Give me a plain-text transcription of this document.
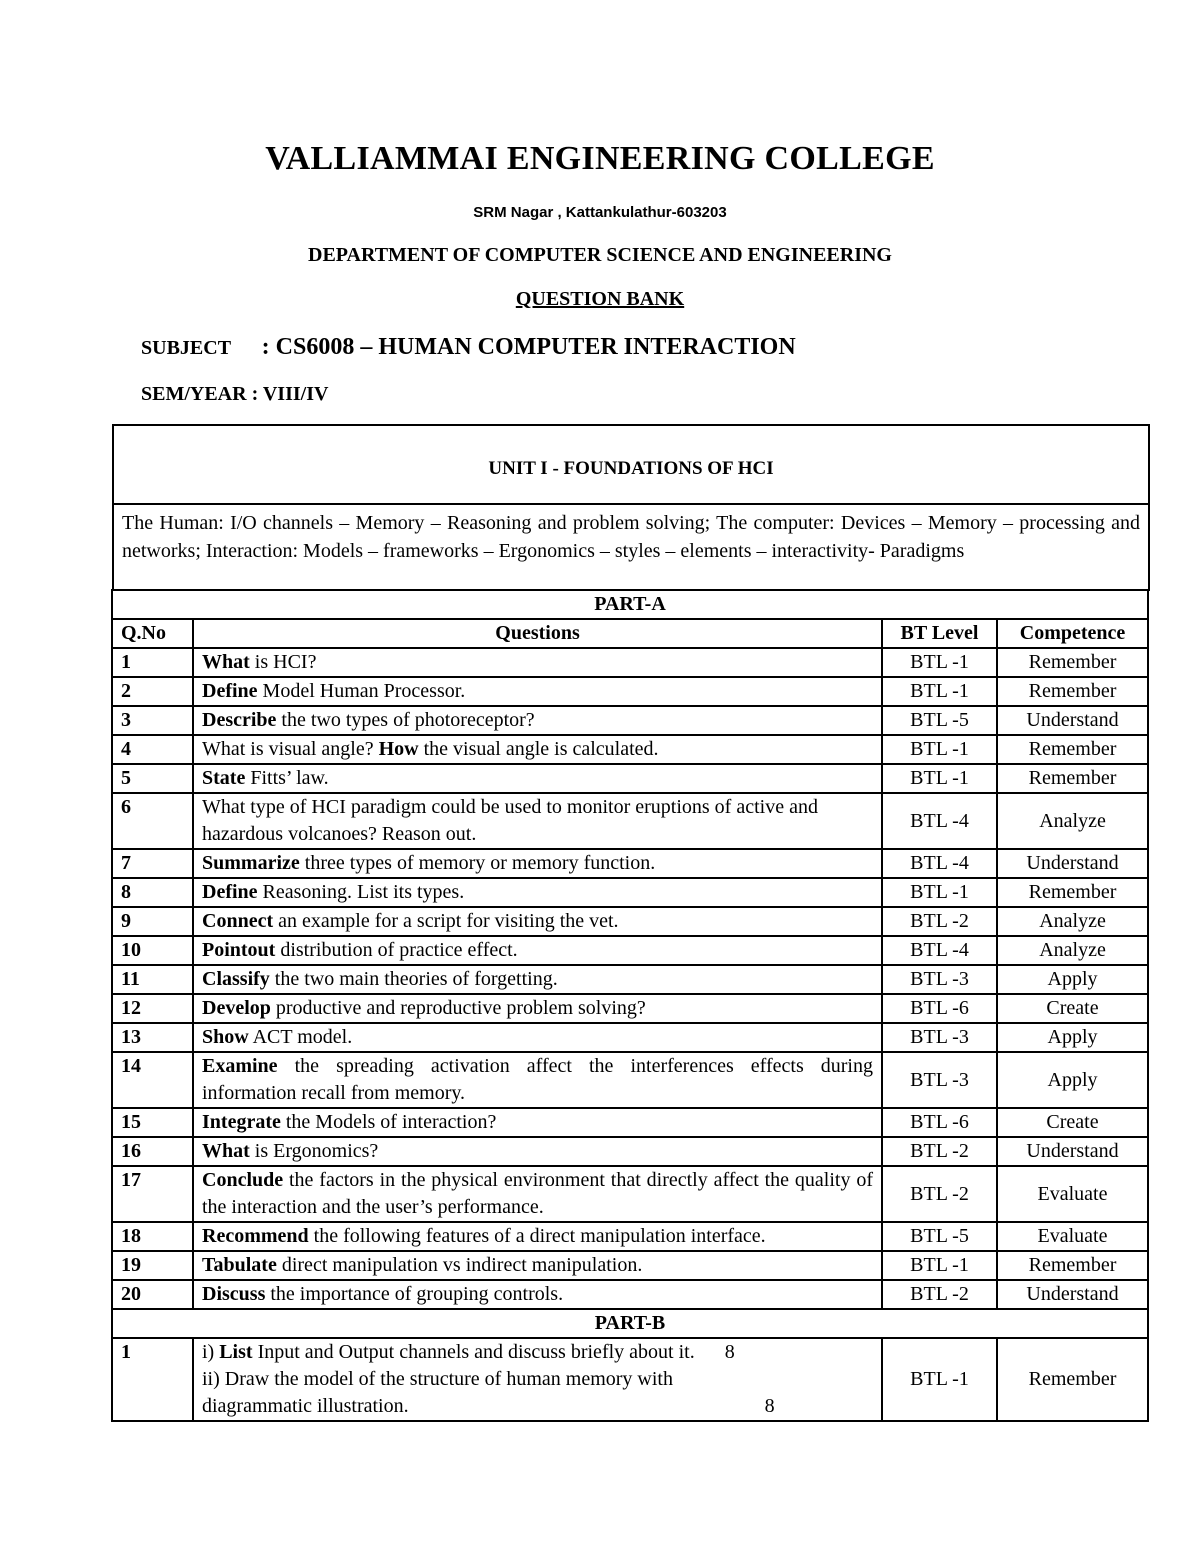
VALLIAMMAI ENGINEERING COLLEGE
SRM Nagar , Kattankulathur-603203
DEPARTMENT OF COMPUTER SCIENCE AND ENGINEERING
QUESTION BANK
SUBJECT : CS6008 – HUMAN COMPUTER INTERACTION
SEM/YEAR : VIII/IV
UNIT I - FOUNDATIONS OF HCI
The Human: I/O channels – Memory – Reasoning and problem solving; The computer: Devices – Memory – processing and networks; Interaction: Models – frameworks – Ergonomics – styles – elements – interactivity- Paradigms
PART-A			
Q.No	Questions	BT Level	Competence
1	What is HCI?	BTL -1	Remember
2	Define Model Human Processor.	BTL -1	Remember
3	Describe the two types of photoreceptor?	BTL -5	Understand
4	What is visual angle? How the visual angle is calculated.	BTL -1	Remember
5	State Fitts’ law.	BTL -1	Remember
6	What type of HCI paradigm could be used to monitor eruptions of active and hazardous volcanoes? Reason out.	BTL -4	Analyze
7	Summarize three types of memory or memory function.	BTL -4	Understand
8	Define Reasoning. List its types.	BTL -1	Remember
9	Connect an example for a script for visiting the vet.	BTL -2	Analyze
10	Pointout distribution of practice effect.	BTL -4	Analyze
11	Classify the two main theories of forgetting.	BTL -3	Apply
12	Develop productive and reproductive problem solving?	BTL -6	Create
13	Show ACT model.	BTL -3	Apply
14	Examine the spreading activation affect the interferences effects during information recall from memory.	BTL -3	Apply
15	Integrate the Models of interaction?	BTL -6	Create
16	What is Ergonomics?	BTL -2	Understand
17	Conclude the factors in the physical environment that directly affect the quality of the interaction and the user’s performance.	BTL -2	Evaluate
18	Recommend the following features of a direct manipulation interface.	BTL -5	Evaluate
19	Tabulate direct manipulation vs indirect manipulation.	BTL -1	Remember
20	Discuss the importance of grouping controls.	BTL -2	Understand
PART-B			
1	i) List Input and Output channels and discuss briefly about it. 8
ii) Draw the model of the structure of human memory with
diagrammatic illustration. 8	BTL -1	Remember
